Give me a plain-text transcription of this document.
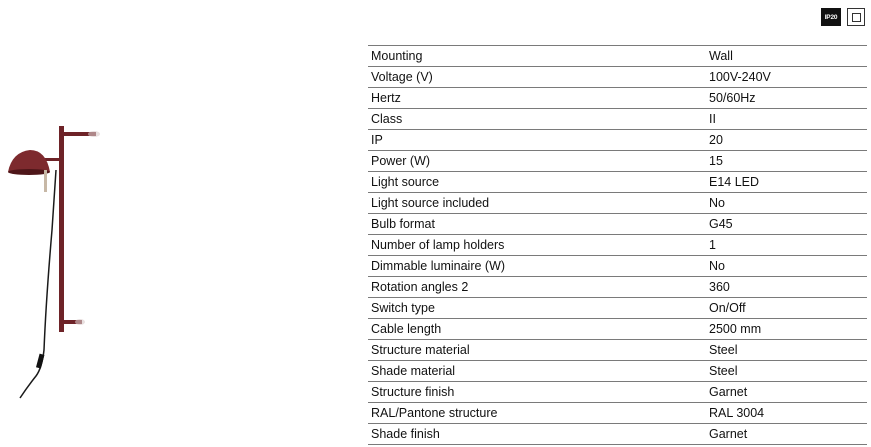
IP20
Mounting	Wall
Voltage (V)	100V-240V
Hertz	50/60Hz
Class	II
IP	20
Power (W)	15
Light source	E14 LED
Light source included	No
Bulb format	G45
Number of lamp holders	1
Dimmable luminaire (W)	No
Rotation angles 2	360
Switch type	On/Off
Cable length	2500 mm
Structure material	Steel
Shade material	Steel
Structure finish	Garnet
RAL/Pantone structure	RAL 3004
Shade finish	Garnet
